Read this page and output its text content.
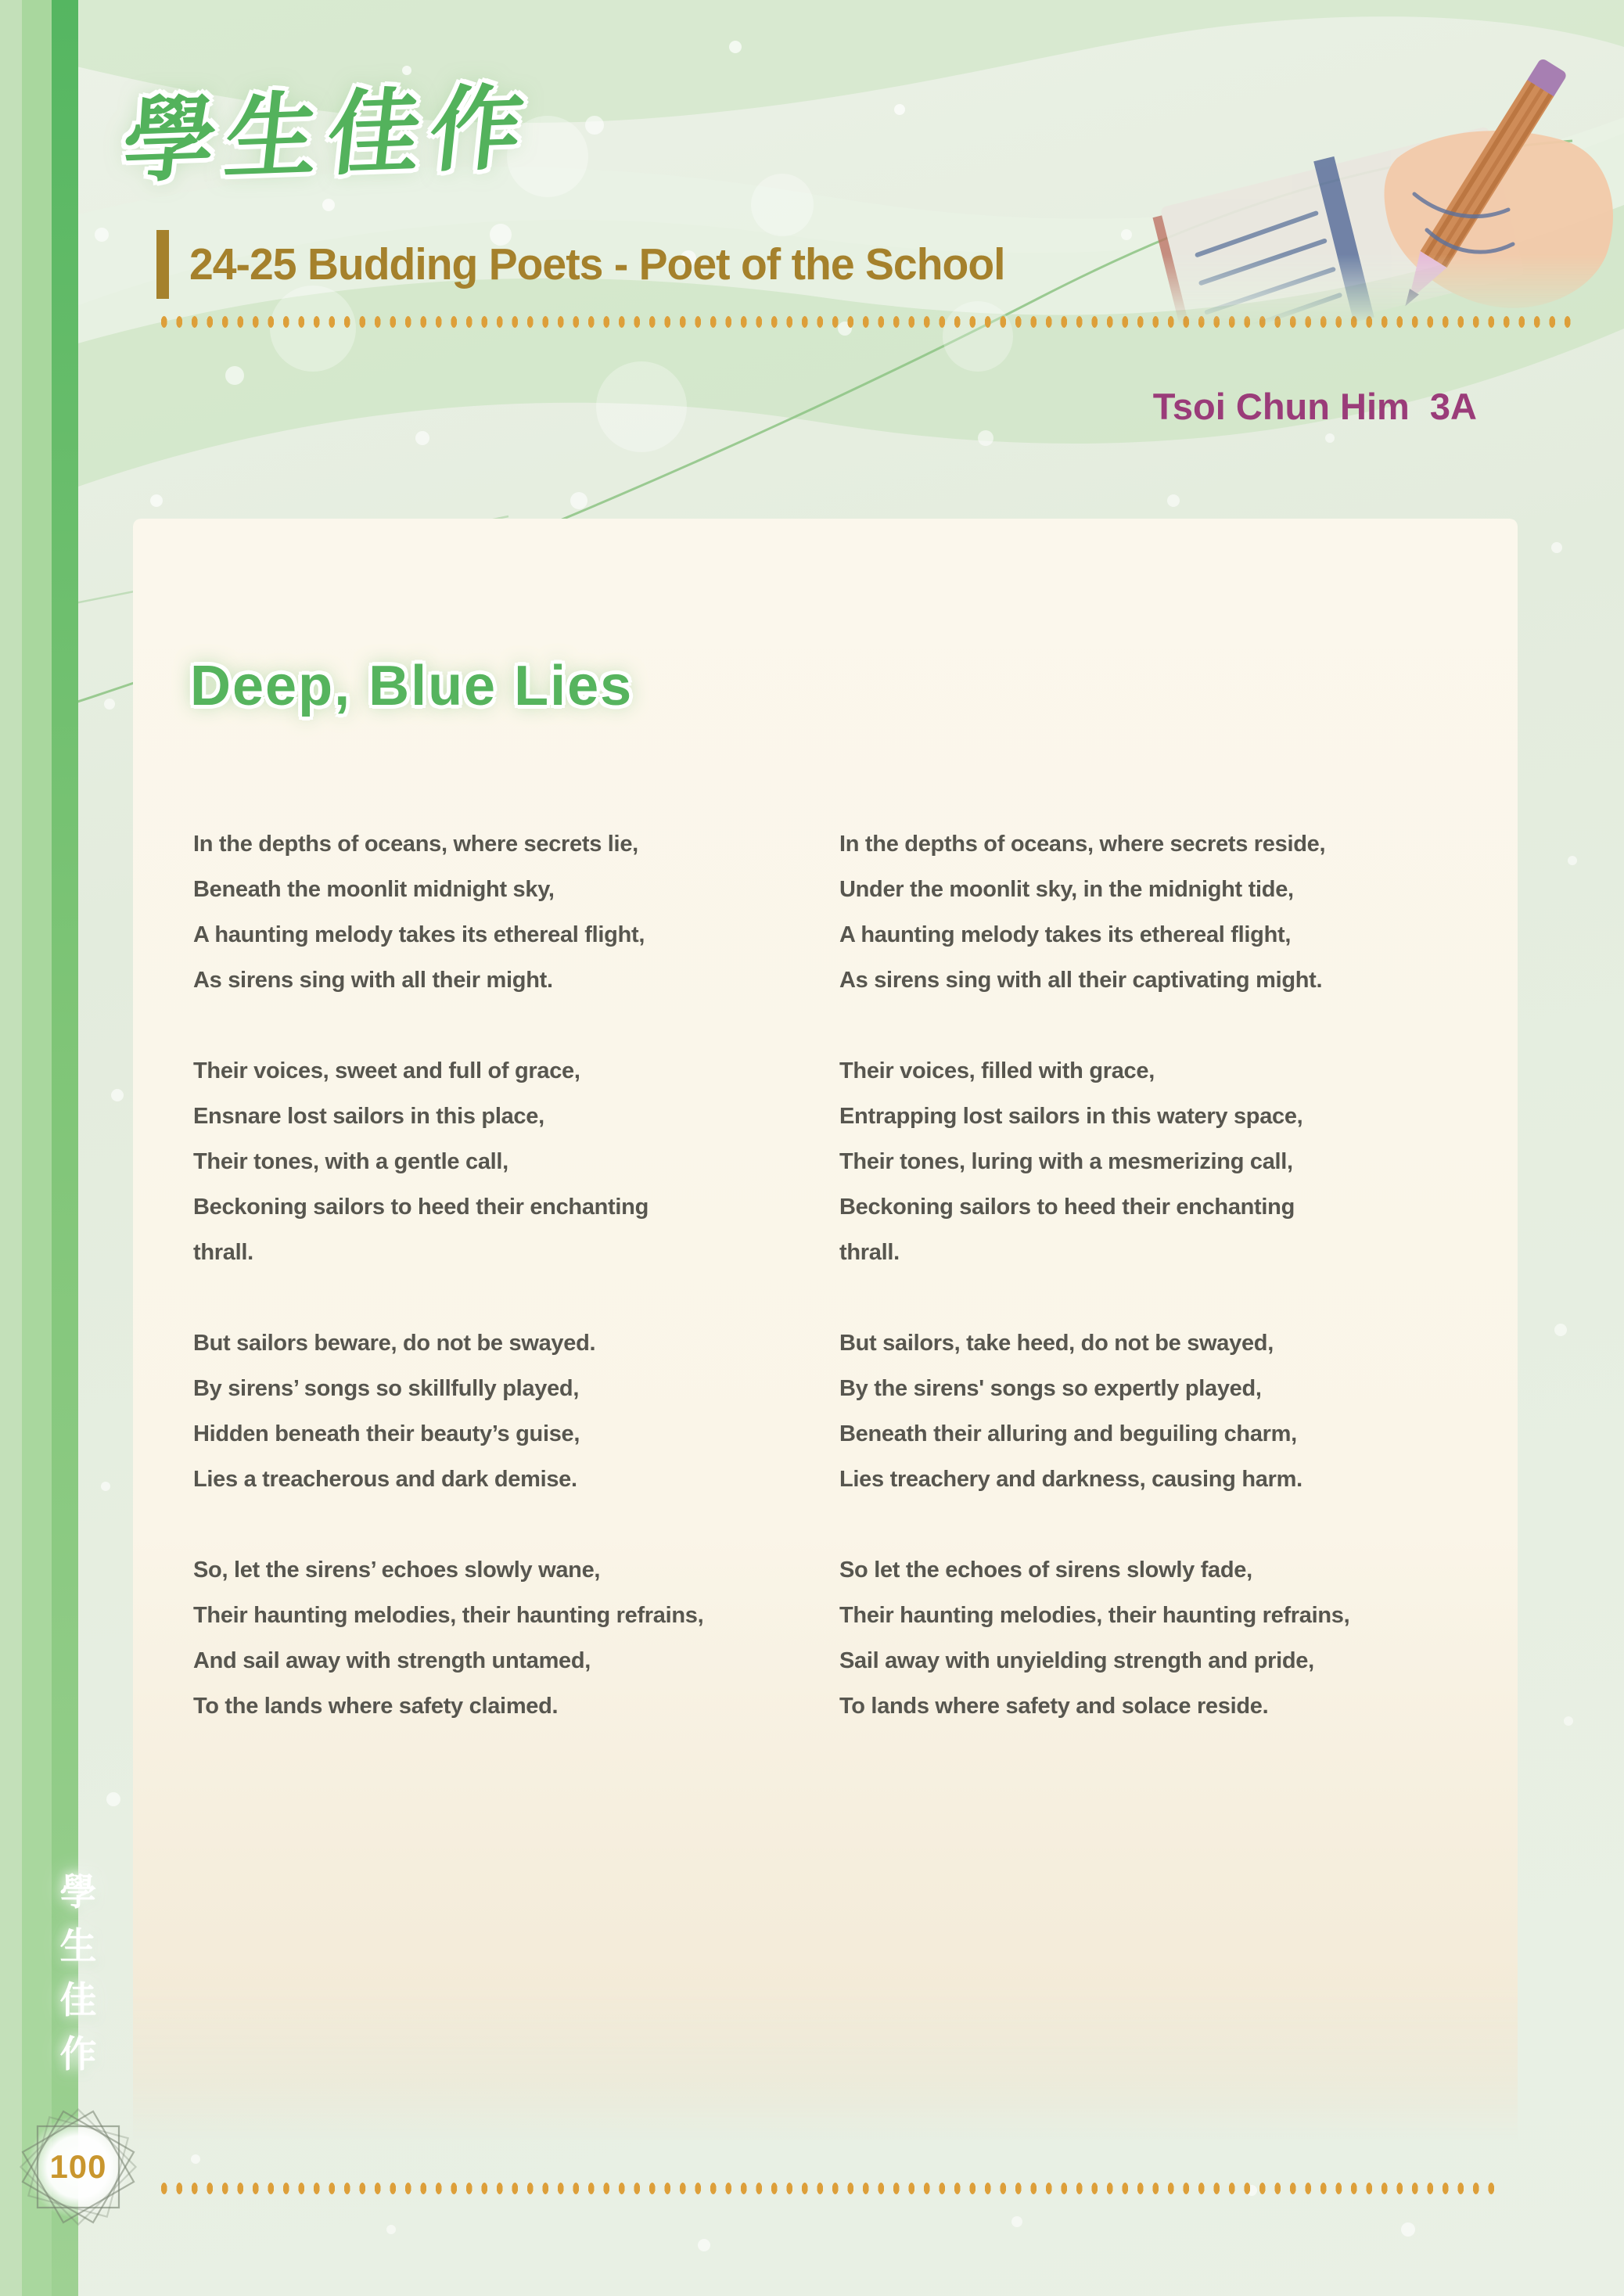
學生佳作
24-25 Budding Poets - Poet of the School
Tsoi Chun Him  3A
Deep, Blue Lies
In the depths of oceans, where secrets lie,
Beneath the moonlit midnight sky,
A haunting melody takes its ethereal flight,
As sirens sing with all their might.
Their voices, sweet and full of grace,
Ensnare lost sailors in this place,
Their tones, with a gentle call,
Beckoning sailors to heed their enchanting
thrall.
But sailors beware, do not be swayed.
By sirens’ songs so skillfully played,
Hidden beneath their beauty’s guise,
Lies a treacherous and dark demise.
So, let the sirens’ echoes slowly wane,
Their haunting melodies, their haunting refrains,
And sail away with strength untamed,
To the lands where safety claimed.
In the depths of oceans, where secrets reside,
Under the moonlit sky, in the midnight tide,
A haunting melody takes its ethereal flight,
As sirens sing with all their captivating might.
Their voices, filled with grace,
Entrapping lost sailors in this watery space,
Their tones, luring with a mesmerizing call,
Beckoning sailors to heed their enchanting
thrall.
But sailors, take heed, do not be swayed,
By the sirens' songs so expertly played,
Beneath their alluring and beguiling charm,
Lies treachery and darkness, causing harm.
So let the echoes of sirens slowly fade,
Their haunting melodies, their haunting refrains,
Sail away with unyielding strength and pride,
To lands where safety and solace reside.
學
生
佳
作
100
